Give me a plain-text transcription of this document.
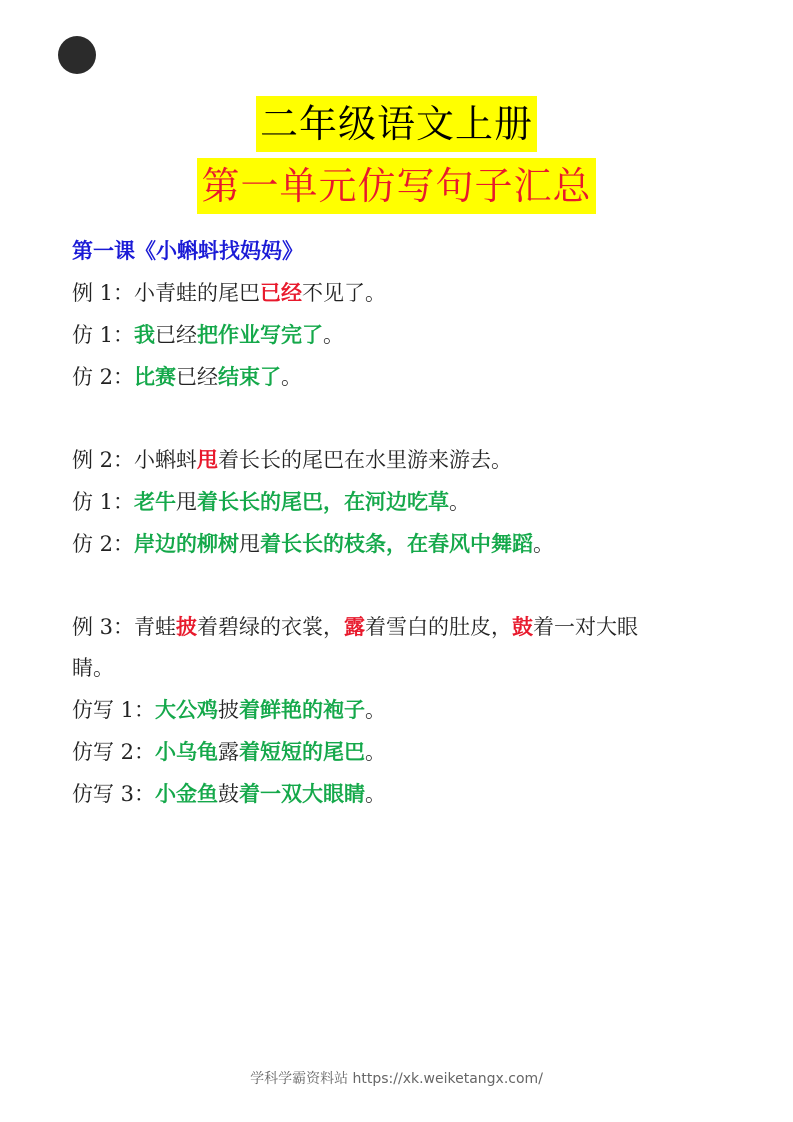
二年级语文上册
第一单元仿写句子汇总
第一课《小蝌蚪找妈妈》
例 1：小青蛙的尾巴已经不见了。
仿 1：我已经把作业写完了。
仿 2：比赛已经结束了。
例 2：小蝌蚪甩着长长的尾巴在水里游来游去。
仿 1：老牛甩着长长的尾巴，在河边吃草。
仿 2：岸边的柳树甩着长长的枝条，在春风中舞蹈。
例 3：青蛙披着碧绿的衣裳，露着雪白的肚皮，鼓着一对大眼
睛。
仿写 1：大公鸡披着鲜艳的袍子。
仿写 2：小乌龟露着短短的尾巴。
仿写 3：小金鱼鼓着一双大眼睛。
学科学霸资料站 https://xk.weiketangx.com/
